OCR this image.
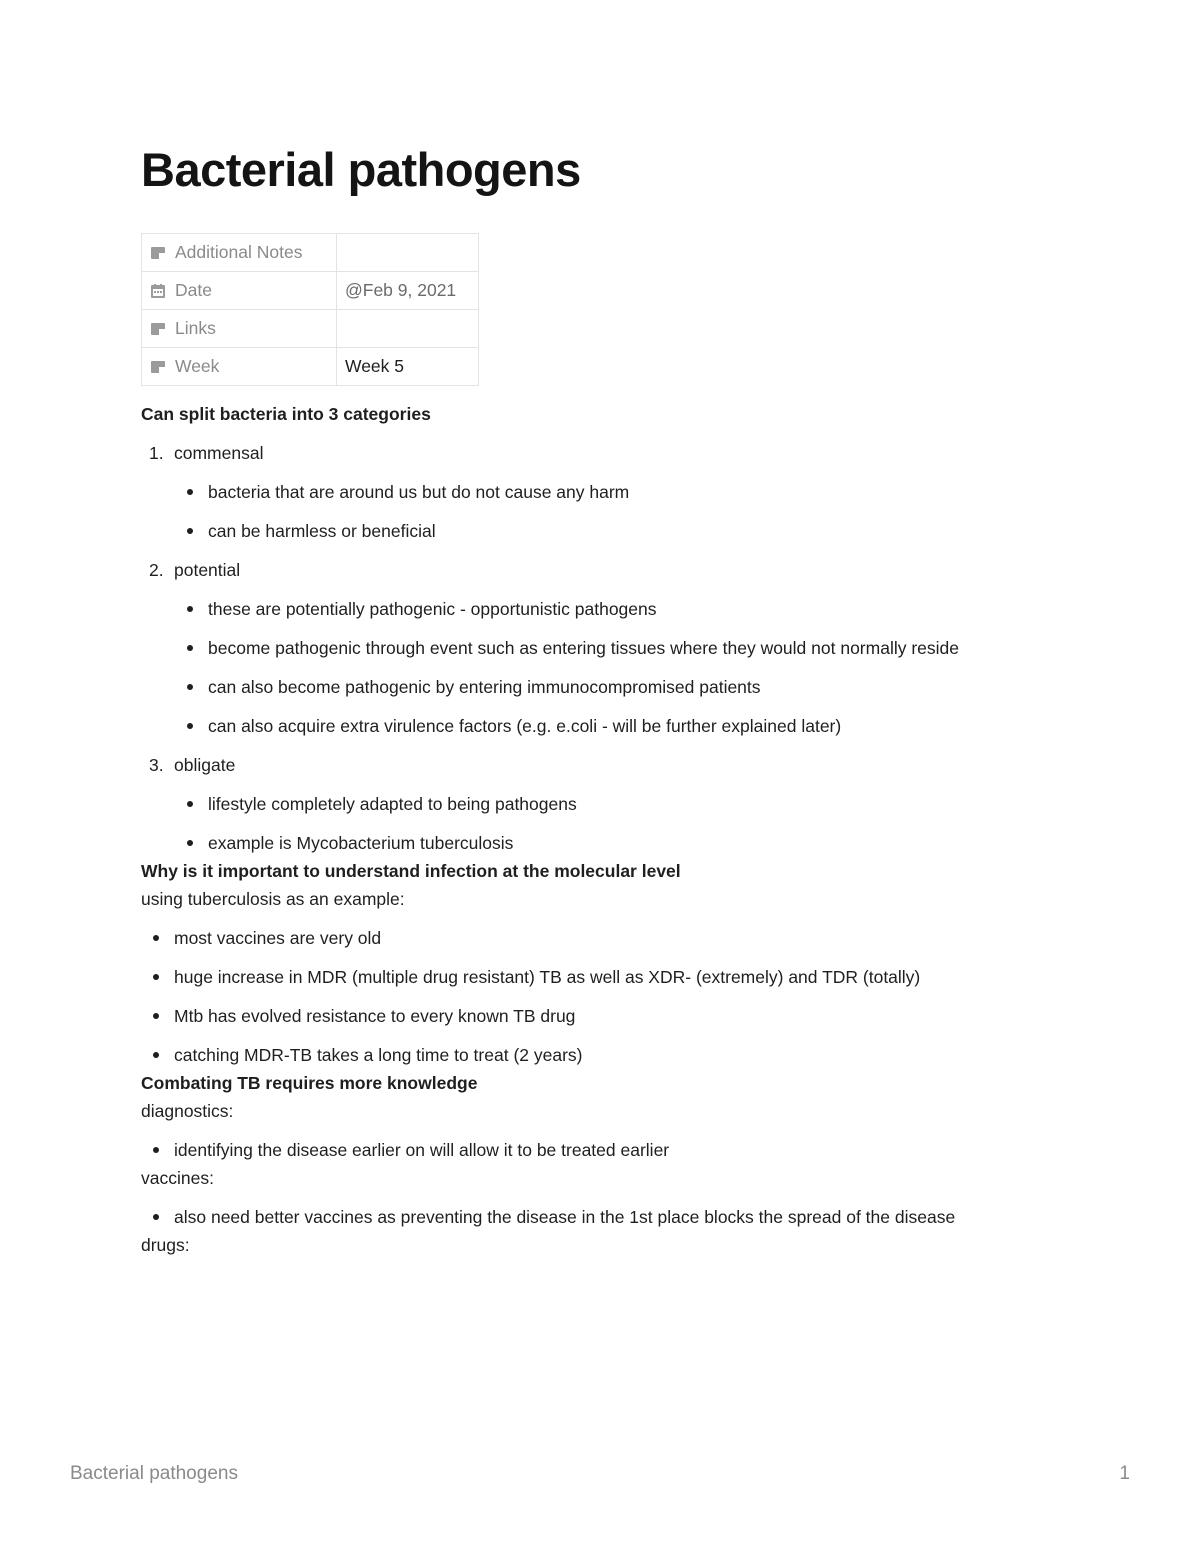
Bacterial pathogens
Additional Notes	
Date	@Feb 9, 2021
Links	
Week	Week 5

Can split bacteria into 3 categories

1. commensal

bacteria that are around us but do not cause any harm

can be harmless or beneficial

2. potential

these are potentially pathogenic - opportunistic pathogens

become pathogenic through event such as entering tissues where they would not normally reside

can also become pathogenic by entering immunocompromised patients

can also acquire extra virulence factors (e.g. e.coli - will be further explained later)

3. obligate

lifestyle completely adapted to being pathogens

example is Mycobacterium tuberculosis

Why is it important to understand infection at the molecular level

using tuberculosis as an example:

most vaccines are very old

huge increase in MDR (multiple drug resistant) TB as well as XDR- (extremely) and TDR (totally)

Mtb has evolved resistance to every known TB drug

catching MDR-TB takes a long time to treat (2 years)

Combating TB requires more knowledge

diagnostics:

identifying the disease earlier on will allow it to be treated earlier

vaccines:

also need better vaccines as preventing the disease in the 1st place blocks the spread of the disease

drugs:

Bacterial pathogens	1
